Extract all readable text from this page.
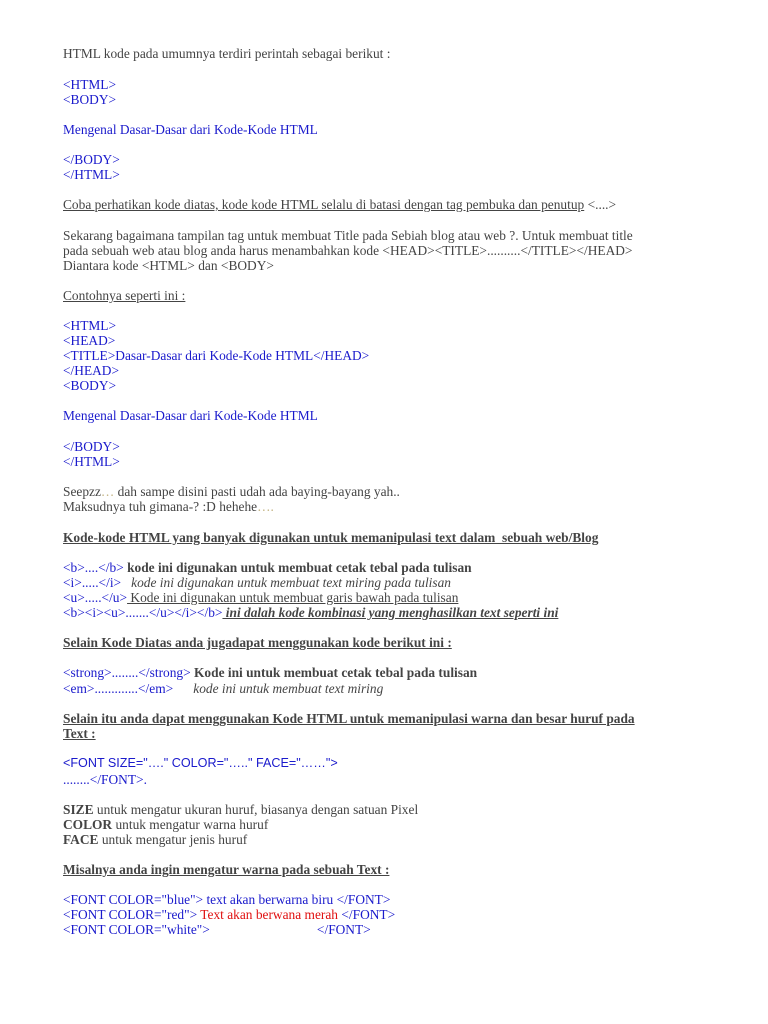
HTML kode pada umumnya terdiri perintah sebagai berikut :
<HTML>
<BODY>
Mengenal Dasar-Dasar dari Kode-Kode HTML
</BODY>
</HTML>
Coba perhatikan kode diatas, kode kode HTML selalu di batasi dengan tag pembuka dan penutup <....>
Sekarang bagaimana tampilan tag untuk membuat Title pada Sebiah blog atau web ?. Untuk membuat title
pada sebuah web atau blog anda harus menambahkan kode <HEAD><TITLE>..........</TITLE></HEAD>
Diantara kode <HTML> dan <BODY>
Contohnya seperti ini :
<HTML>
<HEAD>
<TITLE>Dasar-Dasar dari Kode-Kode HTML</HEAD>
</HEAD>
<BODY>
Mengenal Dasar-Dasar dari Kode-Kode HTML
</BODY>
</HTML>
Seepzz… dah sampe disini pasti udah ada baying-bayang yah..
Maksudnya tuh gimana-? :D hehehe….
Kode-kode HTML yang banyak digunakan untuk memanipulasi text dalam  sebuah web/Blog
<b>....</b> kode ini digunakan untuk membuat cetak tebal pada tulisan
<i>.....</i>   kode ini digunakan untuk membuat text miring pada tulisan
<u>.....</u> Kode ini digunakan untuk membuat garis bawah pada tulisan
<b><i><u>.......</u></i></b> ini dalah kode kombinasi yang menghasilkan text seperti ini
Selain Kode Diatas anda jugadapat menggunakan kode berikut ini :
<strong>........</strong> Kode ini untuk membuat cetak tebal pada tulisan
<em>.............</em>      kode ini untuk membuat text miring
Selain itu anda dapat menggunakan Kode HTML untuk memanipulasi warna dan besar huruf pada
Text :
<FONT SIZE="…." COLOR="….." FACE="……">
........</FONT>.
SIZE untuk mengatur ukuran huruf, biasanya dengan satuan Pixel
COLOR untuk mengatur warna huruf
FACE untuk mengatur jenis huruf
Misalnya anda ingin mengatur warna pada sebuah Text :
<FONT COLOR="blue"> text akan berwarna biru </FONT>
<FONT COLOR="red"> Text akan berwana merah </FONT>
<FONT COLOR="white">	</FONT>
